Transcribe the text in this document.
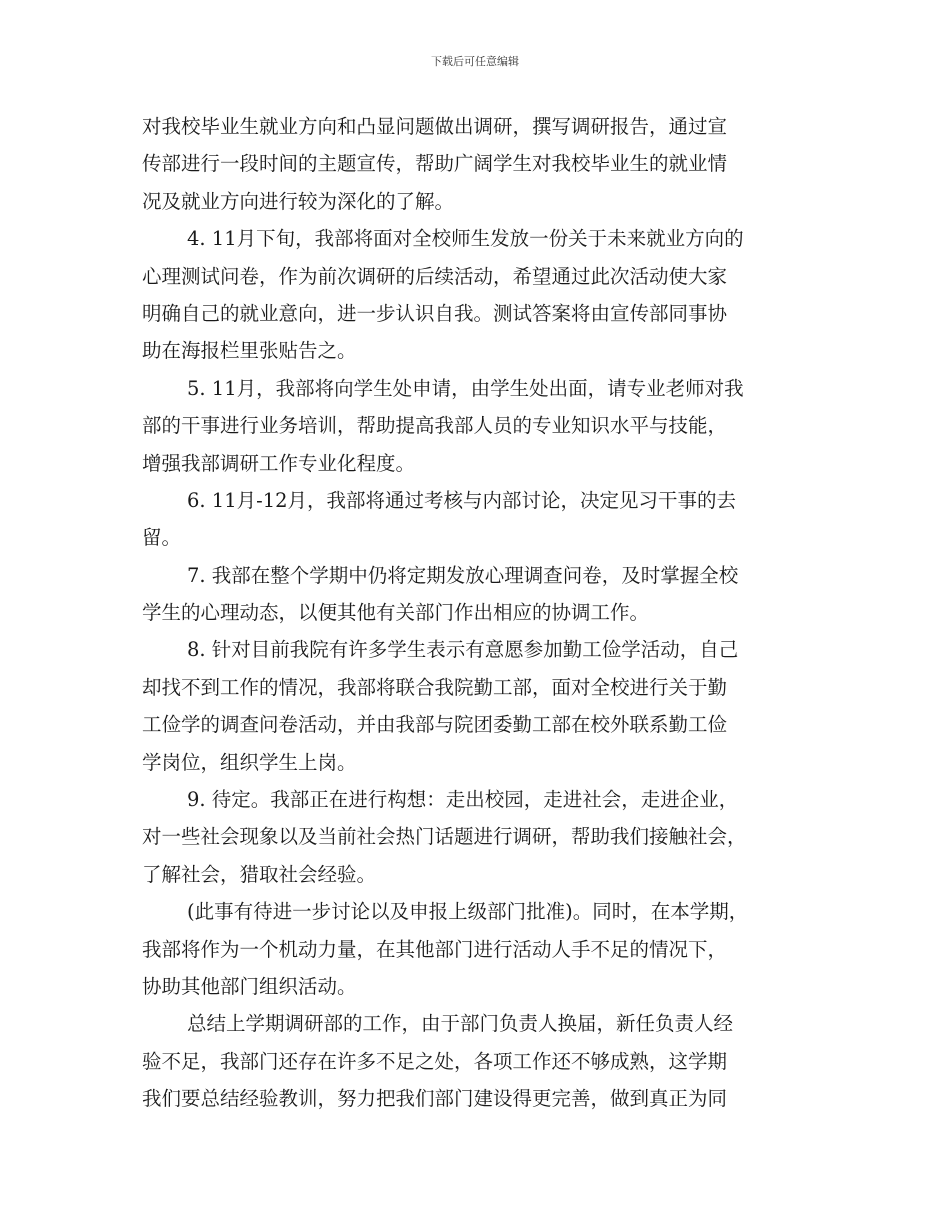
下载后可任意编辑
对我校毕业生就业方向和凸显问题做出调研，撰写调研报告，通过宣
传部进行一段时间的主题宣传，帮助广阔学生对我校毕业生的就业情
况及就业方向进行较为深化的了解。
4. 11月下旬，我部将面对全校师生发放一份关于未来就业方向的
心理测试问卷，作为前次调研的后续活动，希望通过此次活动使大家
明确自己的就业意向，进一步认识自我。测试答案将由宣传部同事协
助在海报栏里张贴告之。
5. 11月，我部将向学生处申请，由学生处出面，请专业老师对我
部的干事进行业务培训，帮助提高我部人员的专业知识水平与技能，
增强我部调研工作专业化程度。
6. 11月-12月，我部将通过考核与内部讨论，决定见习干事的去
留。
7. 我部在整个学期中仍将定期发放心理调查问卷，及时掌握全校
学生的心理动态，以便其他有关部门作出相应的协调工作。
8. 针对目前我院有许多学生表示有意愿参加勤工俭学活动，自己
却找不到工作的情况，我部将联合我院勤工部，面对全校进行关于勤
工俭学的调查问卷活动，并由我部与院团委勤工部在校外联系勤工俭
学岗位，组织学生上岗。
9. 待定。我部正在进行构想：走出校园，走进社会，走进企业，
对一些社会现象以及当前社会热门话题进行调研，帮助我们接触社会，
了解社会，猎取社会经验。
(此事有待进一步讨论以及申报上级部门批准)。同时，在本学期，
我部将作为一个机动力量，在其他部门进行活动人手不足的情况下，
协助其他部门组织活动。
总结上学期调研部的工作，由于部门负责人换届，新任负责人经
验不足，我部门还存在许多不足之处，各项工作还不够成熟，这学期
我们要总结经验教训，努力把我们部门建设得更完善，做到真正为同
